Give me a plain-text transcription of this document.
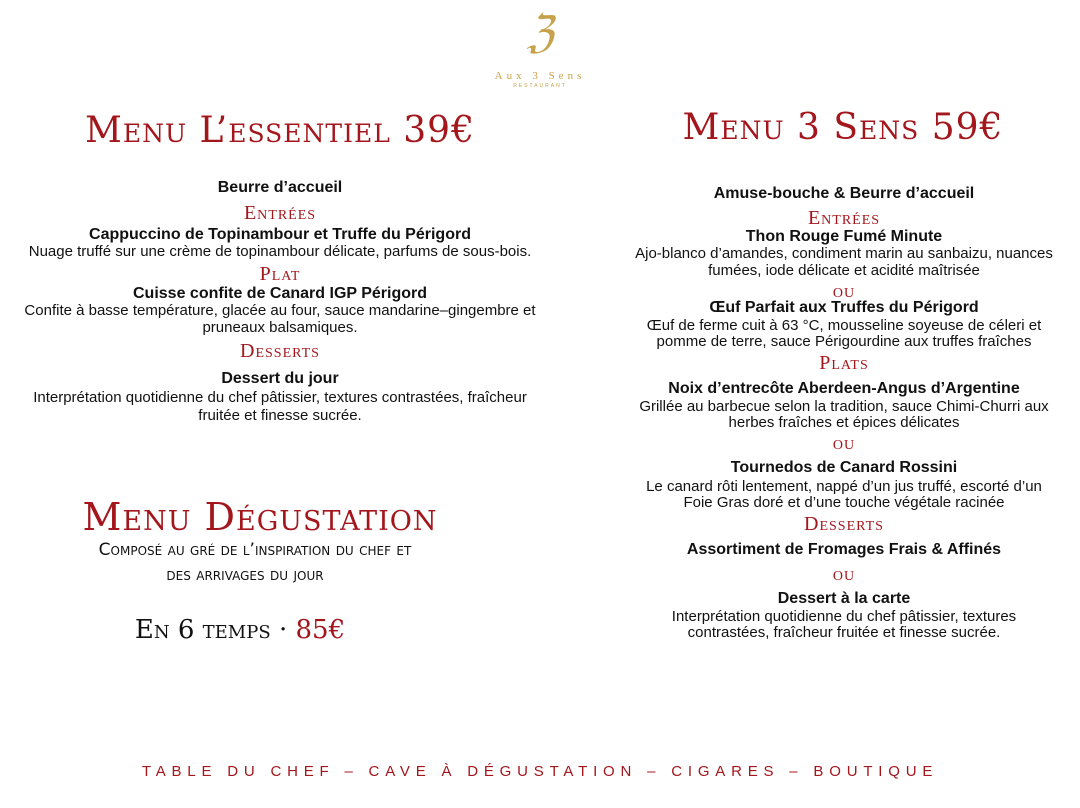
ℨ
Aux 3 Sens
RESTAURANT
Menu L’essentiel 39€
Beurre d’accueil
Entrées
Cappuccino de Topinambour et Truffe du Périgord
Nuage truffé sur une crème de topinambour délicate, parfums de sous-bois.
Plat
Cuisse confite de Canard IGP Périgord
Confite à basse température, glacée au four, sauce mandarine–gingembre et
pruneaux balsamiques.
Desserts
Dessert du jour
Interprétation quotidienne du chef pâtissier, textures contrastées, fraîcheur
fruitée et finesse sucrée.
Menu Dégustation
Composé au gré de l’inspiration du chef et
des arrivages du jour
En 6 temps · 85€
Menu 3 Sens 59€
Amuse-bouche & Beurre d’accueil
Entrées
Thon Rouge Fumé Minute
Ajo-blanco d’amandes, condiment marin au sanbaizu, nuances
fumées, iode délicate et acidité maîtrisée
ou
Œuf Parfait aux Truffes du Périgord
Œuf de ferme cuit à 63 °C, mousseline soyeuse de céleri et
pomme de terre, sauce Périgourdine aux truffes fraîches
Plats
Noix d’entrecôte Aberdeen-Angus d’Argentine
Grillée au barbecue selon la tradition, sauce Chimi-Churri aux
herbes fraîches et épices délicates
ou
Tournedos de Canard Rossini
Le canard rôti lentement, nappé d’un jus truffé, escorté d’un
Foie Gras doré et d’une touche végétale racinée
Desserts
Assortiment de Fromages Frais & Affinés
ou
Dessert à la carte
Interprétation quotidienne du chef pâtissier, textures
contrastées, fraîcheur fruitée et finesse sucrée.
TABLE DU CHEF – CAVE À DÉGUSTATION – CIGARES – BOUTIQUE
